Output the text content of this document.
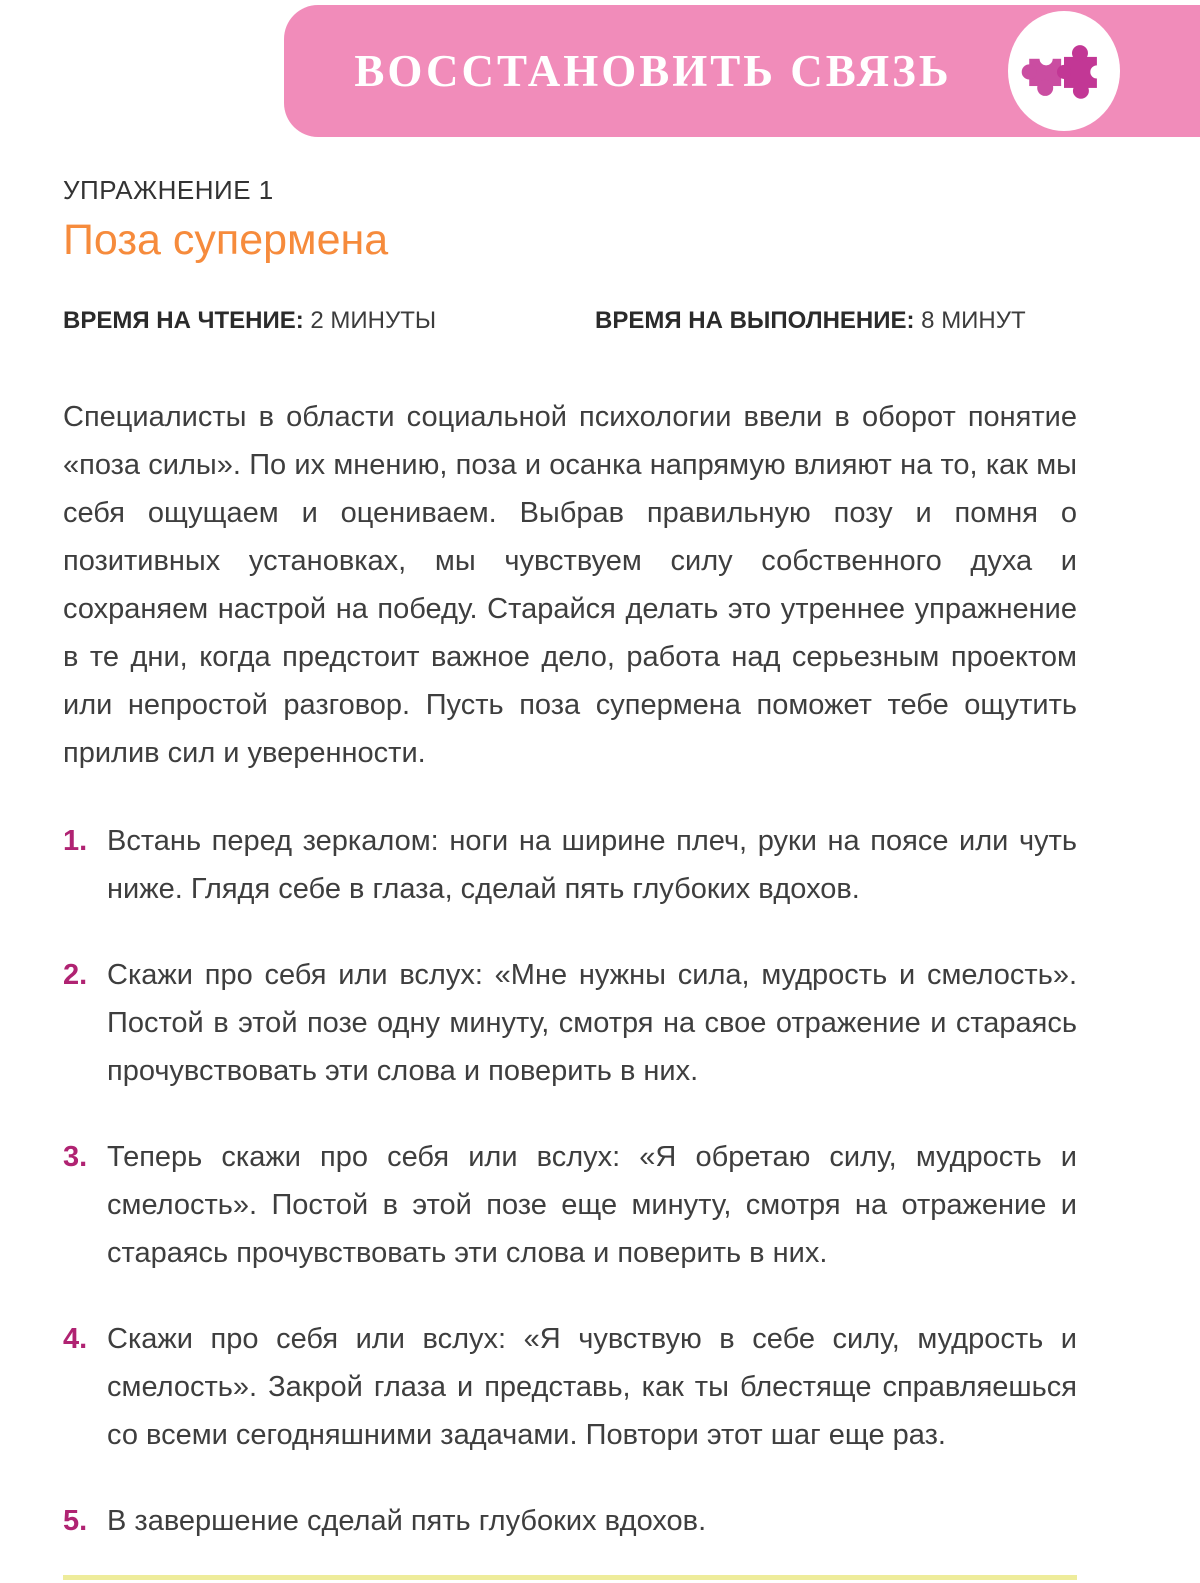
ВОССТАНОВИТЬ СВЯЗЬ
УПРАЖНЕНИЕ 1
Поза супермена
ВРЕМЯ НА ЧТЕНИЕ: 2 МИНУТЫ	ВРЕМЯ НА ВЫПОЛНЕНИЕ: 8 МИНУТ

Специалисты в области социальной психологии ввели в оборот понятие «поза силы». По их мнению, поза и осанка напрямую влияют на то, как мы себя ощущаем и оцениваем. Выбрав правильную позу и помня о позитивных установках, мы чувствуем силу собственного духа и сохраняем настрой на победу. Старайся делать это утреннее упражнение в те дни, когда предстоит важное дело, работа над серьезным проектом или непростой разговор. Пусть поза супермена поможет тебе ощутить прилив сил и уверенности.

1. Встань перед зеркалом: ноги на ширине плеч, руки на поясе или чуть ниже. Глядя себе в глаза, сделай пять глубоких вдохов.
2. Скажи про себя или вслух: «Мне нужны сила, мудрость и смелость». Постой в этой позе одну минуту, смотря на свое отражение и стараясь прочувствовать эти слова и поверить в них.
3. Теперь скажи про себя или вслух: «Я обретаю силу, мудрость и смелость». Постой в этой позе еще минуту, смотря на отражение и стараясь прочувствовать эти слова и поверить в них.
4. Скажи про себя или вслух: «Я чувствую в себе силу, мудрость и смелость». Закрой глаза и представь, как ты блестяще справляешься со всеми сегодняшними задачами. Повтори этот шаг еще раз.
5. В завершение сделай пять глубоких вдохов.
